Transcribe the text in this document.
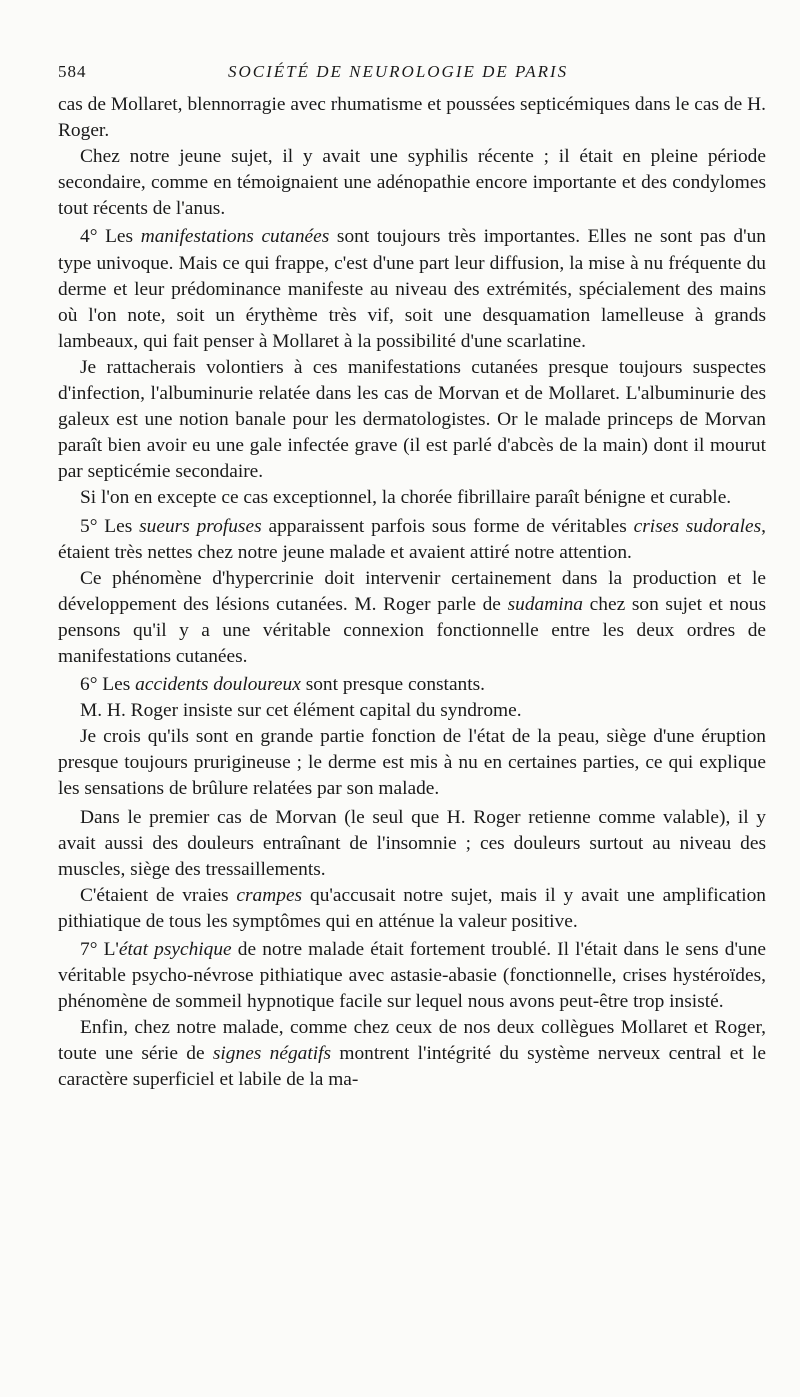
584	SOCIÉTÉ DE NEUROLOGIE DE PARIS

cas de Mollaret, blennorragie avec rhumatisme et poussées septicémiques dans le cas de H. Roger.

Chez notre jeune sujet, il y avait une syphilis récente ; il était en pleine période secondaire, comme en témoignaient une adénopathie encore importante et des condylomes tout récents de l'anus.

4° Les manifestations cutanées sont toujours très importantes. Elles ne sont pas d'un type univoque. Mais ce qui frappe, c'est d'une part leur diffusion, la mise à nu fréquente du derme et leur prédominance manifeste au niveau des extrémités, spécialement des mains où l'on note, soit un érythème très vif, soit une desquamation lamelleuse à grands lambeaux, qui fait penser à Mollaret à la possibilité d'une scarlatine.

Je rattacherais volontiers à ces manifestations cutanées presque toujours suspectes d'infection, l'albuminurie relatée dans les cas de Morvan et de Mollaret. L'albuminurie des galeux est une notion banale pour les dermatologistes. Or le malade princeps de Morvan paraît bien avoir eu une gale infectée grave (il est parlé d'abcès de la main) dont il mourut par septicémie secondaire.

Si l'on en excepte ce cas exceptionnel, la chorée fibrillaire paraît bénigne et curable.

5° Les sueurs profuses apparaissent parfois sous forme de véritables crises sudorales, étaient très nettes chez notre jeune malade et avaient attiré notre attention.

Ce phénomène d'hypercrinie doit intervenir certainement dans la production et le développement des lésions cutanées. M. Roger parle de sudamina chez son sujet et nous pensons qu'il y a une véritable connexion fonctionnelle entre les deux ordres de manifestations cutanées.

6° Les accidents douloureux sont presque constants.

M. H. Roger insiste sur cet élément capital du syndrome.

Je crois qu'ils sont en grande partie fonction de l'état de la peau, siège d'une éruption presque toujours prurigineuse ; le derme est mis à nu en certaines parties, ce qui explique les sensations de brûlure relatées par son malade.

Dans le premier cas de Morvan (le seul que H. Roger retienne comme valable), il y avait aussi des douleurs entraînant de l'insomnie ; ces douleurs surtout au niveau des muscles, siège des tressaillements.

C'étaient de vraies crampes qu'accusait notre sujet, mais il y avait une amplification pithiatique de tous les symptômes qui en atténue la valeur positive.

7° L'état psychique de notre malade était fortement troublé. Il l'était dans le sens d'une véritable psycho-névrose pithiatique avec astasie-abasie (fonctionnelle, crises hystéroïdes, phénomène de sommeil hypnotique facile sur lequel nous avons peut-être trop insisté.

Enfin, chez notre malade, comme chez ceux de nos deux collègues Mollaret et Roger, toute une série de signes négatifs montrent l'intégrité du système nerveux central et le caractère superficiel et labile de la ma-
